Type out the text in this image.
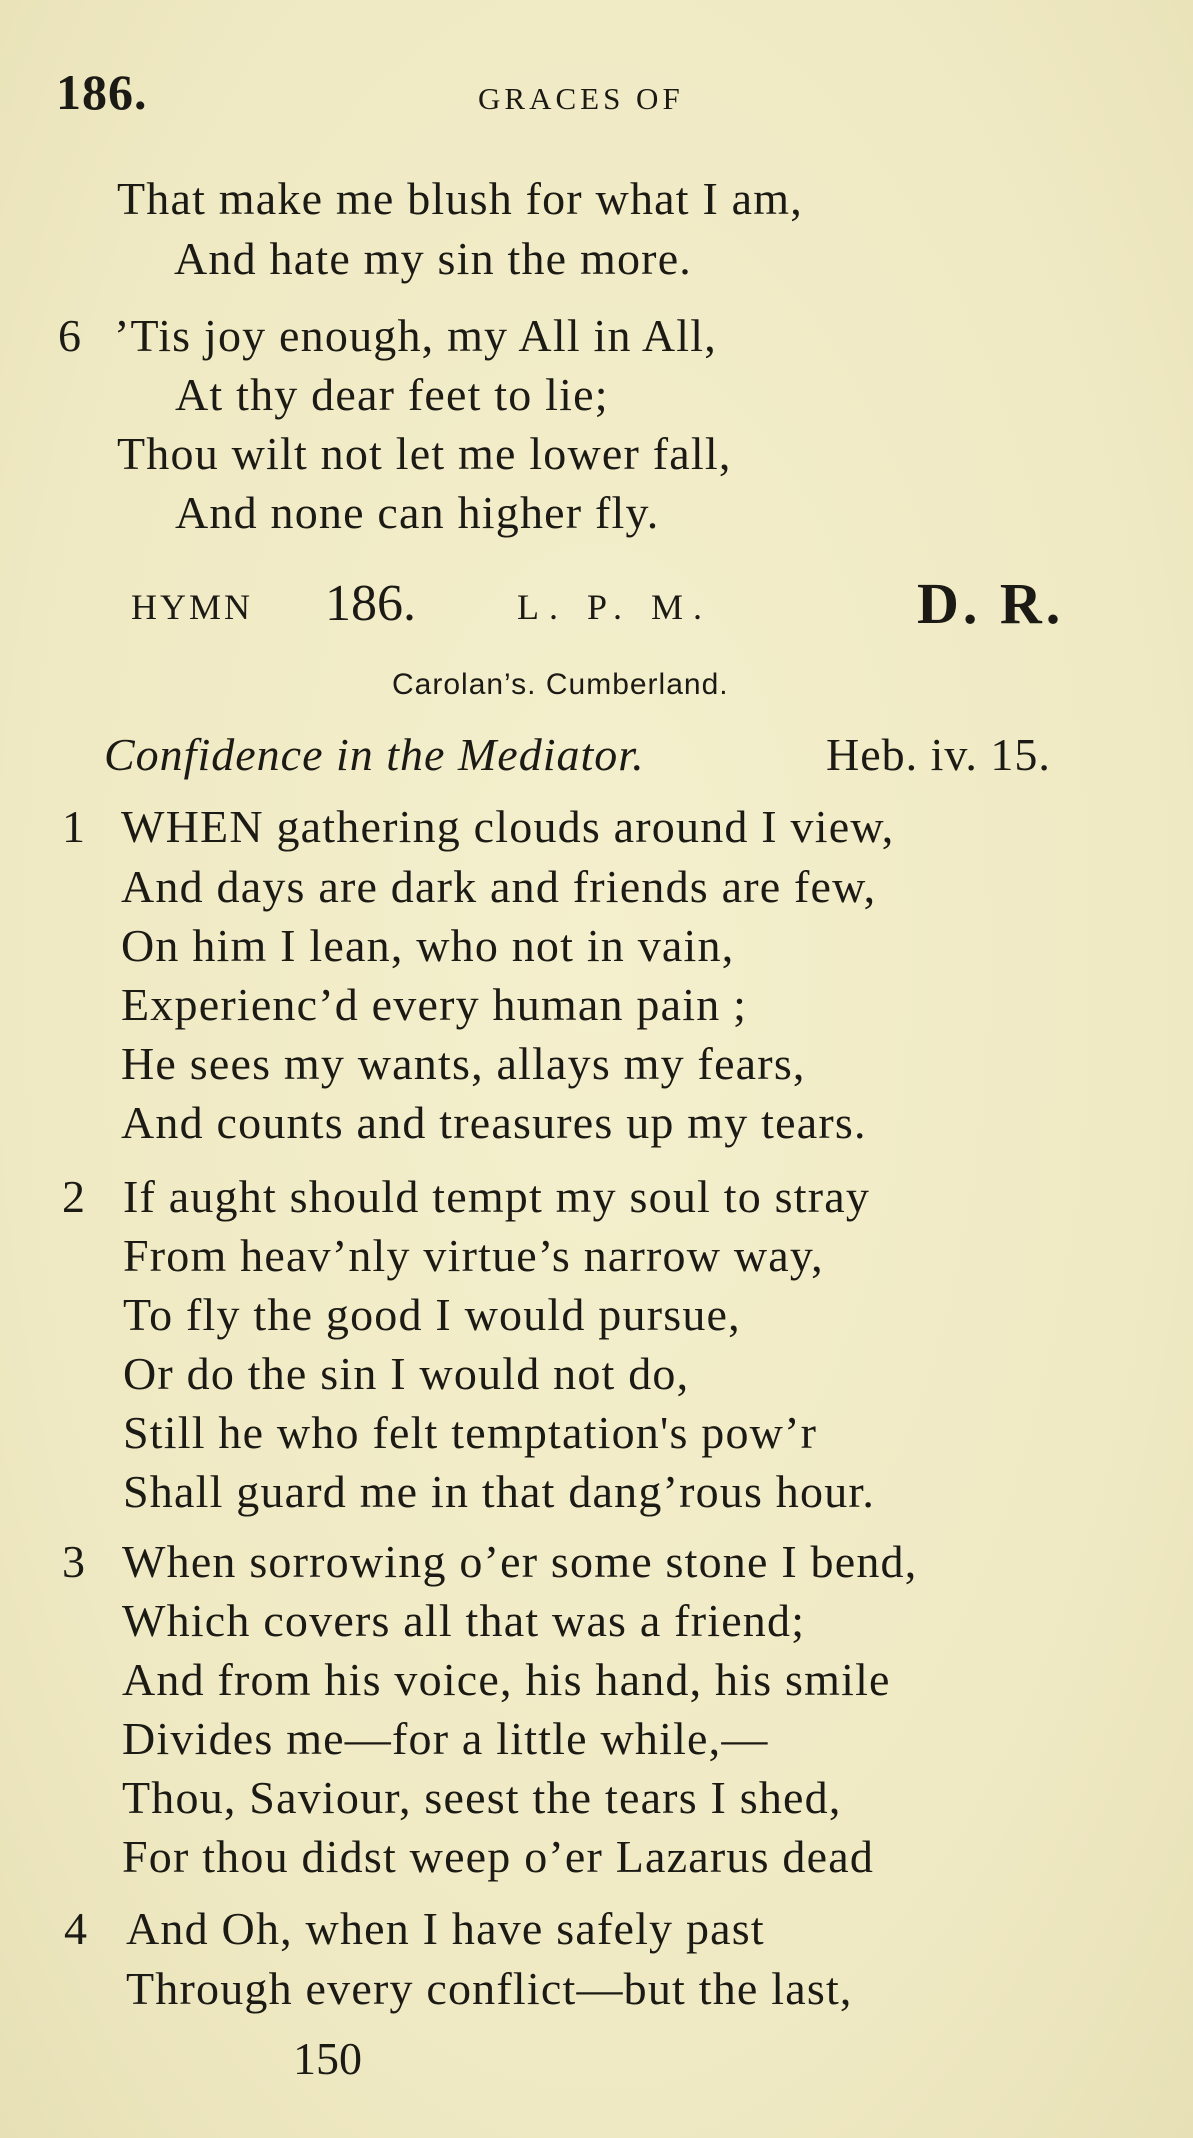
186.	GRACES OF
That make me blush for what I am,
And hate my sin the more.
6 ’Tis joy enough, my All in All,
At thy dear feet to lie;
Thou wilt not let me lower fall,
And none can higher fly.
HYMN 186.	L. P. M.	D. R.
Carolan’s. Cumberland.
Confidence in the Mediator.	Heb. iv. 15.
1 WHEN gathering clouds around I view,
And days are dark and friends are few,
On him I lean, who not in vain,
Experienc’d every human pain ;
He sees my wants, allays my fears,
And counts and treasures up my tears.
2 If aught should tempt my soul to stray
From heav’nly virtue’s narrow way,
To fly the good I would pursue,
Or do the sin I would not do,
Still he who felt temptation's pow’r
Shall guard me in that dang’rous hour.
3 When sorrowing o’er some stone I bend,
Which covers all that was a friend;
And from his voice, his hand, his smile
Divides me—for a little while,—
Thou, Saviour, seest the tears I shed,
For thou didst weep o’er Lazarus dead
4 And Oh, when I have safely past
Through every conflict—but the last,
150
